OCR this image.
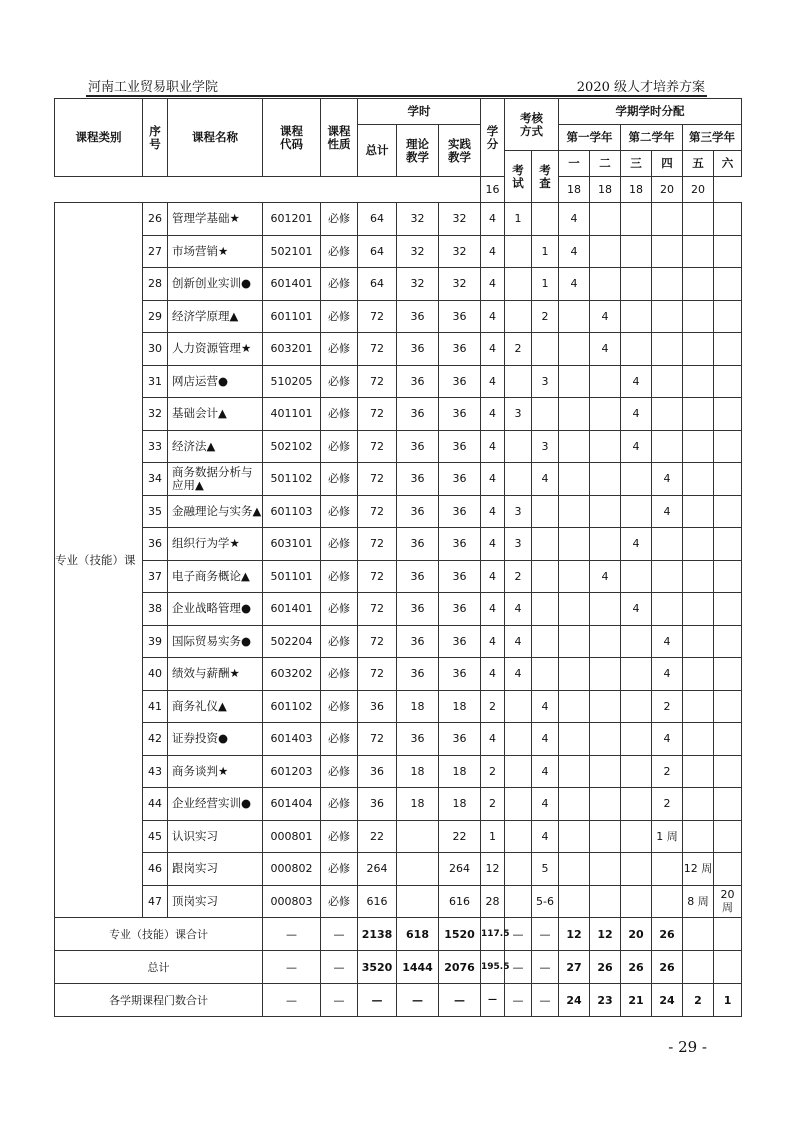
河南工业贸易职业学院	2020 级人才培养方案
课程类别	序号	课程名称	课程代码	课程性质	学时			学分	考核方式		学期学时分配					
					总计	理论教学	实践教学				第一学年		第二学年		第三学年	
									考试	考查	一	二	三	四	五	六
								16			18	18	18	20	20	
专业（技能）课	26	管理学基础★	601201	必修	64	32	32	4	1		4					
	27	市场营销★	502101	必修	64	32	32	4		1	4					
	28	创新创业实训●	601401	必修	64	32	32	4		1	4					
	29	经济学原理▲	601101	必修	72	36	36	4		2		4				
	30	人力资源管理★	603201	必修	72	36	36	4	2			4				
	31	网店运营●	510205	必修	72	36	36	4		3			4			
	32	基础会计▲	401101	必修	72	36	36	4	3				4			
	33	经济法▲	502102	必修	72	36	36	4		3			4			
	34	商务数据分析与应用▲	501102	必修	72	36	36	4		4				4		
	35	金融理论与实务▲	601103	必修	72	36	36	4	3					4		
	36	组织行为学★	603101	必修	72	36	36	4	3				4			
	37	电子商务概论▲	501101	必修	72	36	36	4	2			4				
	38	企业战略管理●	601401	必修	72	36	36	4	4				4			
	39	国际贸易实务●	502204	必修	72	36	36	4	4					4		
	40	绩效与薪酬★	603202	必修	72	36	36	4	4					4		
	41	商务礼仪▲	601102	必修	36	18	18	2		4				2		
	42	证券投资●	601403	必修	72	36	36	4		4				4		
	43	商务谈判★	601203	必修	36	18	18	2		4				2		
	44	企业经营实训●	601404	必修	36	18	18	2		4				2		
	45	认识实习	000801	必修	22		22	1		4				1 周		
	46	跟岗实习	000802	必修	264		264	12		5					12 周	
	47	顶岗实习	000803	必修	616		616	28		5-6					8 周	20 周
专业（技能）课合计			—	—	2138	618	1520	117.5	—	—	12	12	20	26		
总计			—	—	3520	1444	2076	195.5	—	—	27	26	26	26		
各学期课程门数合计			—	—	—	—	—	—	—	—	24	23	21	24	2	1
- 29 -
